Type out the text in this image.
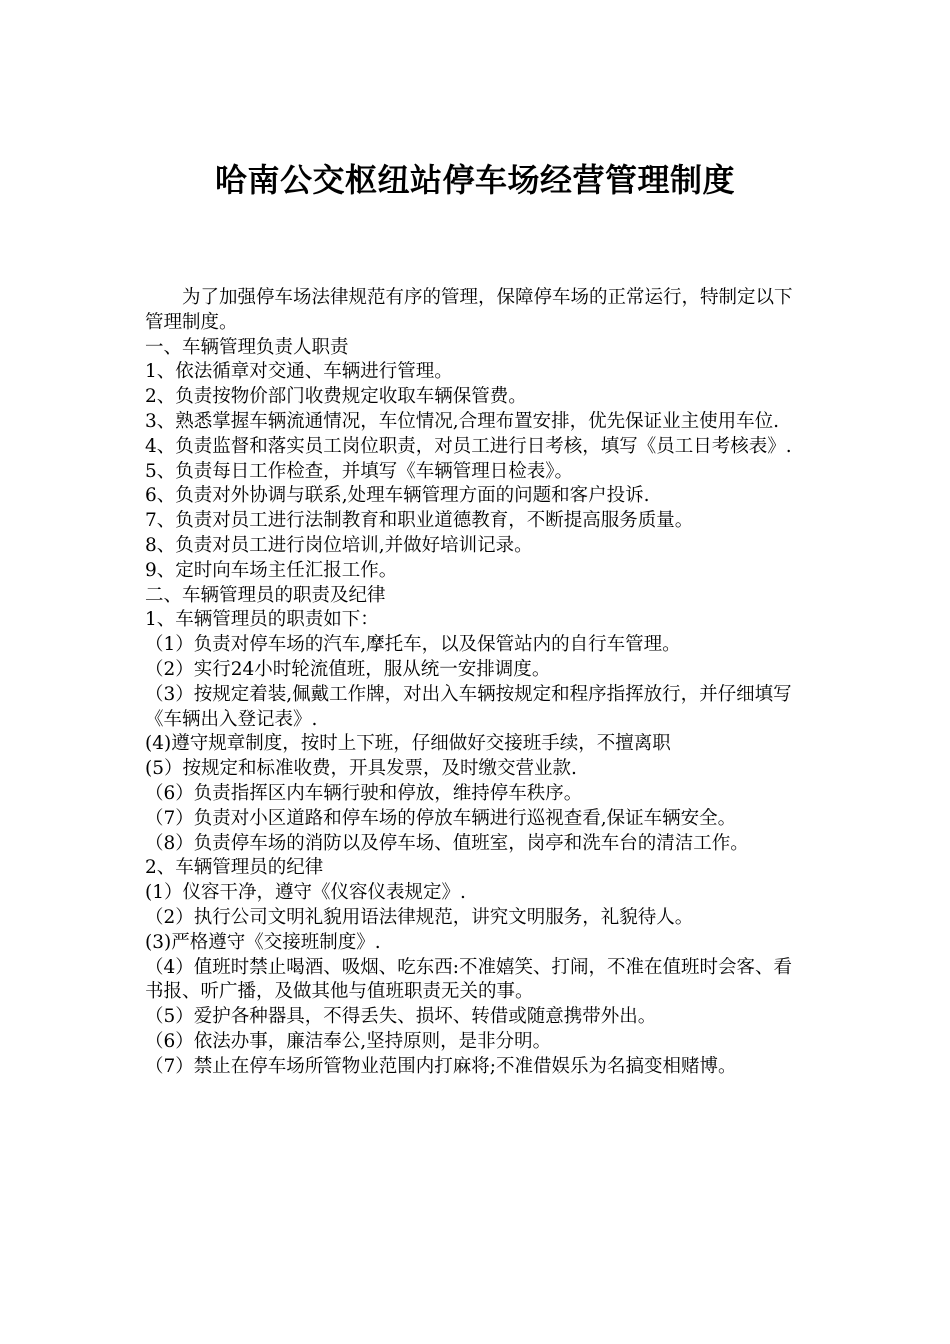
哈南公交枢纽站停车场经营管理制度

为了加强停车场法律规范有序的管理，保障停车场的正常运行，特制定以下管理制度。

一、车辆管理负责人职责

1、依法循章对交通、车辆进行管理。

2、负责按物价部门收费规定收取车辆保管费。

3、熟悉掌握车辆流通情况，车位情况,合理布置安排，优先保证业主使用车位.

4、负责监督和落实员工岗位职责，对员工进行日考核，填写《员工日考核表》.

5、负责每日工作检查，并填写《车辆管理日检表》。

6、负责对外协调与联系,处理车辆管理方面的问题和客户投诉.

7、负责对员工进行法制教育和职业道德教育，不断提高服务质量。

8、负责对员工进行岗位培训,并做好培训记录。

9、定时向车场主任汇报工作。

二、车辆管理员的职责及纪律

1、车辆管理员的职责如下：

（1）负责对停车场的汽车,摩托车，以及保管站内的自行车管理。

（2）实行24小时轮流值班，服从统一安排调度。

（3）按规定着装,佩戴工作牌，对出入车辆按规定和程序指挥放行，并仔细填写《车辆出入登记表》.

(4)遵守规章制度，按时上下班，仔细做好交接班手续，不擅离职

(5）按规定和标准收费，开具发票，及时缴交营业款.

（6）负责指挥区内车辆行驶和停放，维持停车秩序。

（7）负责对小区道路和停车场的停放车辆进行巡视查看,保证车辆安全。

（8）负责停车场的消防以及停车场、值班室，岗亭和洗车台的清洁工作。

2、车辆管理员的纪律

(1）仪容干净，遵守《仪容仪表规定》.

（2）执行公司文明礼貌用语法律规范，讲究文明服务，礼貌待人。

(3)严格遵守《交接班制度》.

（4）值班时禁止喝酒、吸烟、吃东西:不准嬉笑、打闹，不准在值班时会客、看书报、听广播，及做其他与值班职责无关的事。

（5）爱护各种器具，不得丢失、损坏、转借或随意携带外出。

（6）依法办事，廉洁奉公,坚持原则，是非分明。

（7）禁止在停车场所管物业范围内打麻将;不准借娱乐为名搞变相赌博。
